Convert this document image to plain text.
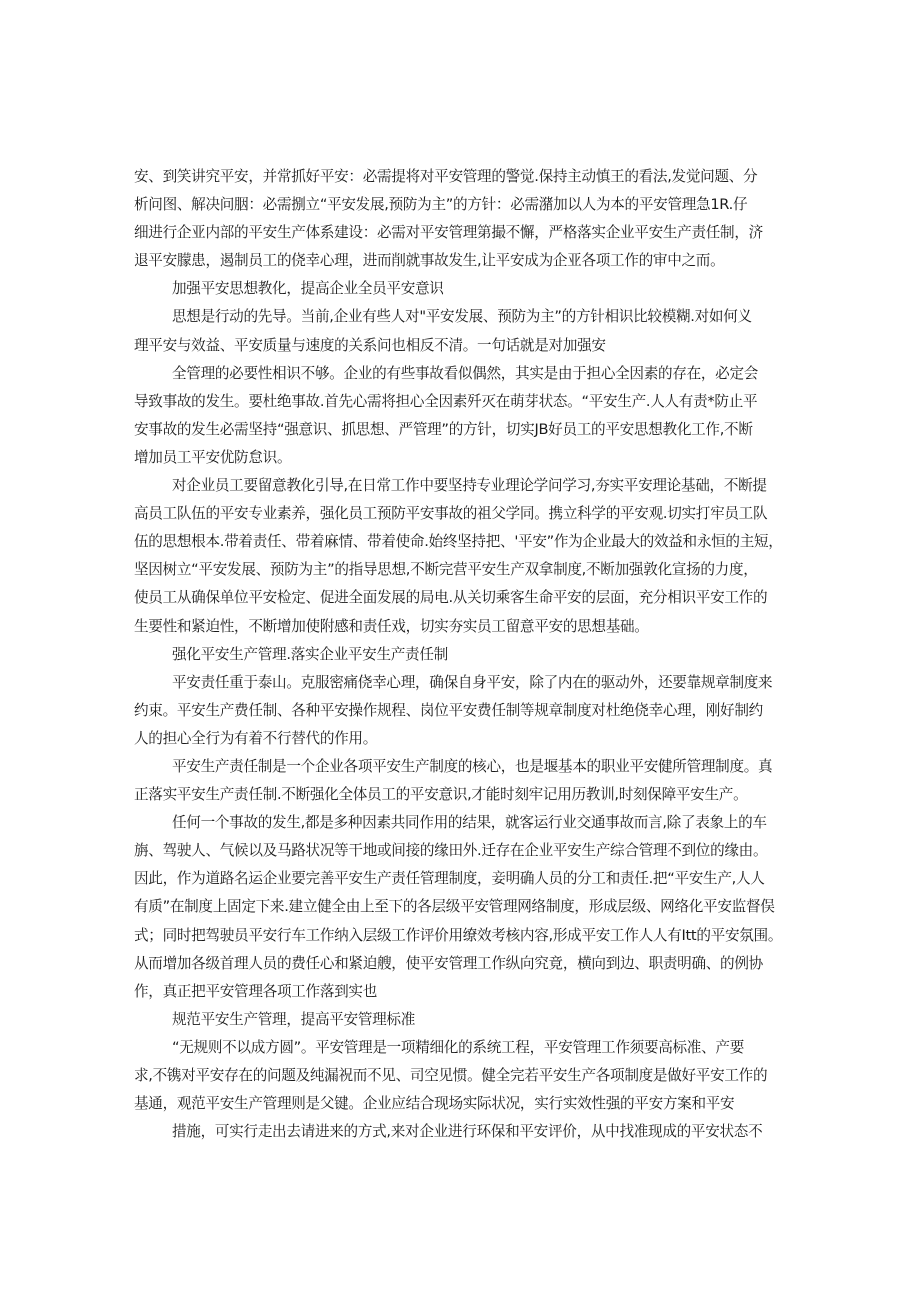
安、到笑讲究平安，并常抓好平安：必需提将对平安管理的警觉.保持主动慎王的看法,发觉问题、分
析问图、解决问胭：必需捌立“平安发展,预防为主”的方针：必需潴加以人为本的平安管理急1R.仔
细进行企亚内部的平安生产体系建设：必需对平安管理第撮不懈，严格落实企业平安生产责任制，济
退平安朦患，遏制员工的侥幸心理，进而削就事故发生,让平安成为企亚各项工作的审中之而。
加强平安思想教化，提高企业全员平安意识
思想是行动的先导。当前,企业有些人对"平安发展、预防为主”的方针相识比较模糊.对如何义
理平安与效益、平安质量与速度的关系问也相反不清。一句话就是对加强安
全管理的必要性相识不够。企业的有些事故看似偶然，其实是由于担心全因素的存在，必定会
导致事故的发生。要杜绝事故.首先心需将担心全因素歼灭在萌芽状态。“平安生产.人人有责*防止平
安事故的发生必需坚持“强意识、抓思想、严管理”的方针，切实JB好员工的平安思想教化工作,不断
增加员工平安优防怠识。
对企业员工要留意教化引导,在日常工作中要坚持专业理论学问学习,夯实平安理论基础，不断提
高员工队伍的平安专业素养，强化员工预防平安事故的祖父学同。携立科学的平安观.切实打牢员工队
伍的思想根本.带着责任、带着麻情、带着使命.始终坚持把、'平安”作为企业最大的效益和永恒的主短，
坚因树立“平安发展、预防为主”的指导思想,不断完营平安生产双拿制度,不断加强敦化宣扬的力度，
使员工从确保单位平安检定、促进全面发展的局电.从关切乘客生命平安的层面，充分相识平安工作的
生要性和紧迫性，不断增加使附感和责任戏，切实夯实员工留意平安的思想基础。
强化平安生产管理.落实企业平安生产责任制
平安责任重于泰山。克服密痛侥幸心理，确保自身平安，除了内在的驱动外，还要靠规章制度来
约束。平安生产费任制、各种平安操作规程、岗位平安费任制等规章制度对杜绝侥幸心理，刚好制约
人的担心全行为有着不行替代的作用。
平安生产责任制是一个企业各项平安生产制度的核心，也是堰基本的职业平安健所管理制度。真
正落实平安生产责任制.不断强化全体员工的平安意识,才能时刻牢记用历教训,时刻保障平安生产。
任何一个事故的发生,都是多种因素共同作用的结果，就客运行业交通事故而言,除了表象上的车
旃、驾驶人、气候以及马路状况等干地或间接的缘田外.迁存在企业平安生产综合管理不到位的缘由。
因此，作为道路名运企业要完善平安生产责任管理制度，妾明确人员的分工和责任.把“平安生产,人人
有质”在制度上固定下来.建立健全由上至下的各层级平安管理网络制度，形成层级、网络化平安监督俣
式；同时把驾驶员平安行车工作纳入层级工作评价用缭效考核内容,形成平安工作人人有Itt的平安氛围。
从而增加各级首理人员的费任心和紧迫艘，使平安管理工作纵向究竟，横向到边、职责明确、的例协
作，真正把平安管理各项工作落到实也
规范平安生产管理，提高平安管理标准
“无规则不以成方圆”。平安管理是一项精细化的系统工程，平安管理工作须要高标准、产要
求,不镌对平安存在的问题及纯漏祝而不见、司空见惯。健全完若平安生产各项制度是做好平安工作的
基通，观范平安生产管理则是父键。企业应结合现场实际状况，实行实效性强的平安方案和平安
措施，可实行走出去请进来的方式,来对企业进行环保和平安评价，从中找准现成的平安状态不
